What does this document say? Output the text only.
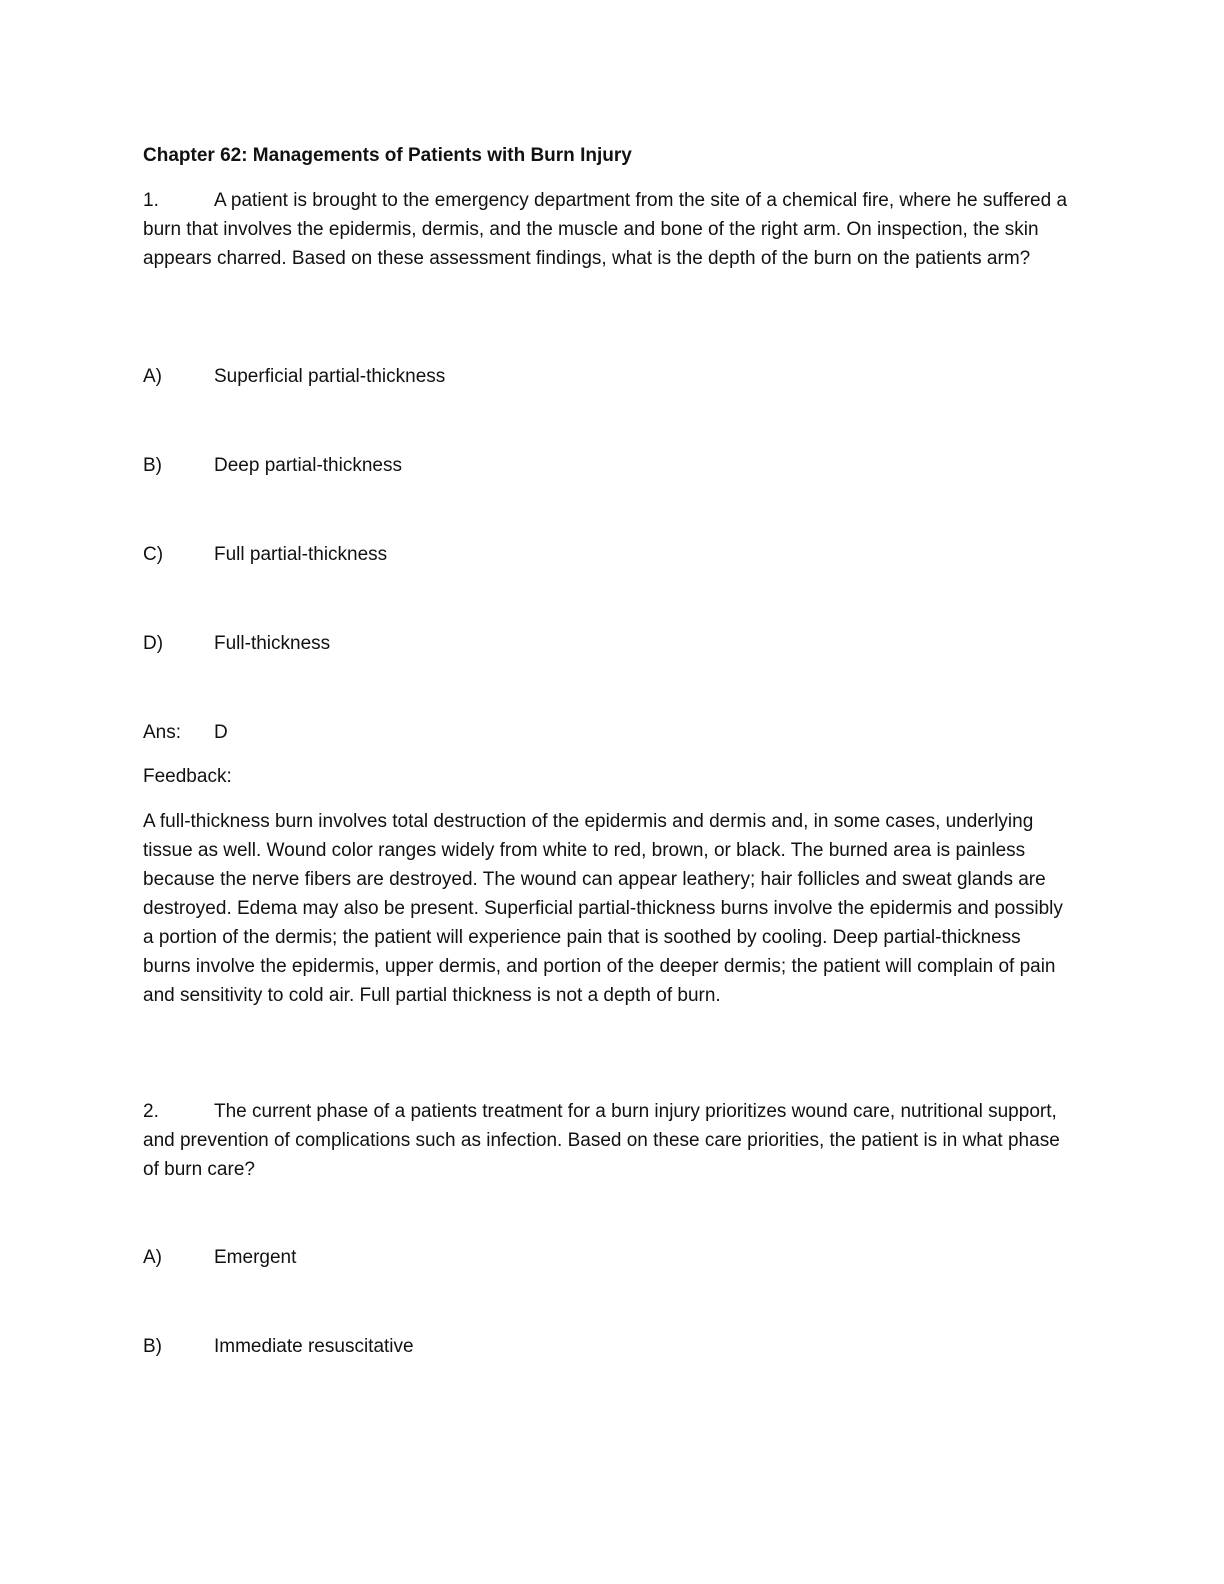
Chapter 62: Managements of Patients with Burn Injury

1.	A patient is brought to the emergency department from the site of a chemical fire, where he suffered a burn that involves the epidermis, dermis, and the muscle and bone of the right arm. On inspection, the skin appears charred. Based on these assessment findings, what is the depth of the burn on the patients arm?

A)	Superficial partial-thickness
B)	Deep partial-thickness
C)	Full partial-thickness
D)	Full-thickness
Ans: D
Feedback:

A full-thickness burn involves total destruction of the epidermis and dermis and, in some cases, underlying tissue as well. Wound color ranges widely from white to red, brown, or black. The burned area is painless because the nerve fibers are destroyed. The wound can appear leathery; hair follicles and sweat glands are destroyed. Edema may also be present. Superficial partial-thickness burns involve the epidermis and possibly a portion of the dermis; the patient will experience pain that is soothed by cooling. Deep partial-thickness burns involve the epidermis, upper dermis, and portion of the deeper dermis; the patient will complain of pain and sensitivity to cold air. Full partial thickness is not a depth of burn.

2.	The current phase of a patients treatment for a burn injury prioritizes wound care, nutritional support, and prevention of complications such as infection. Based on these care priorities, the patient is in what phase of burn care?

A)	Emergent
B)	Immediate resuscitative
